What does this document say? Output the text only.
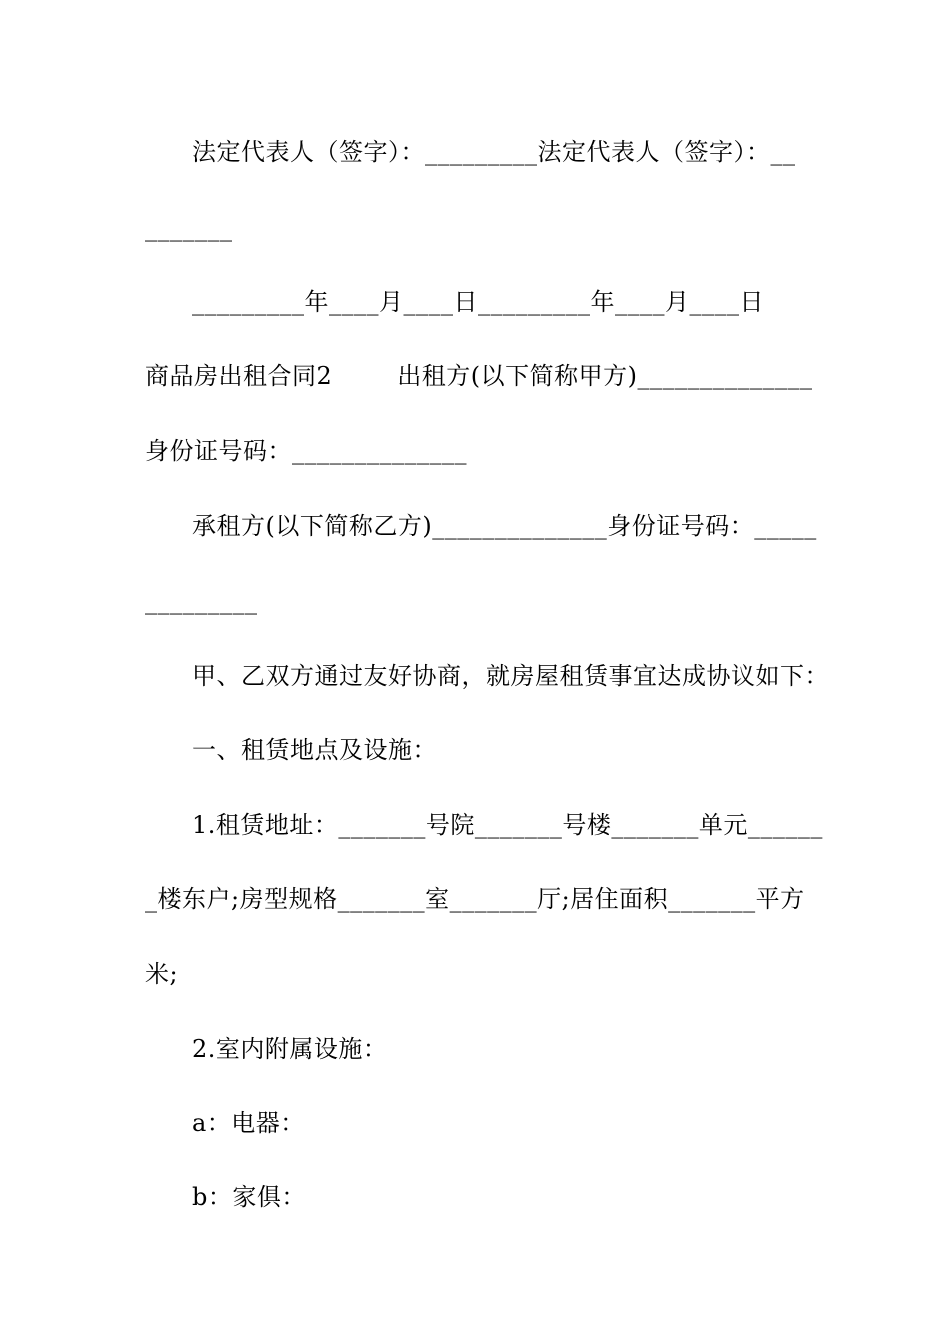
法定代表人（签字）：_________法定代表人（签字）：__
_______
_________年____月____日_________年____月____日
商品房出租合同2        出租方(以下简称甲方)______________
身份证号码：______________
承租方(以下简称乙方)______________身份证号码：_____
_________
甲、乙双方通过友好协商，就房屋租赁事宜达成协议如下：
一、租赁地点及设施：
1.租赁地址：_______号院_______号楼_______单元______
_楼东户;房型规格_______室_______厅;居住面积_______平方
米;
2.室内附属设施：
a：电器：
b：家俱：
